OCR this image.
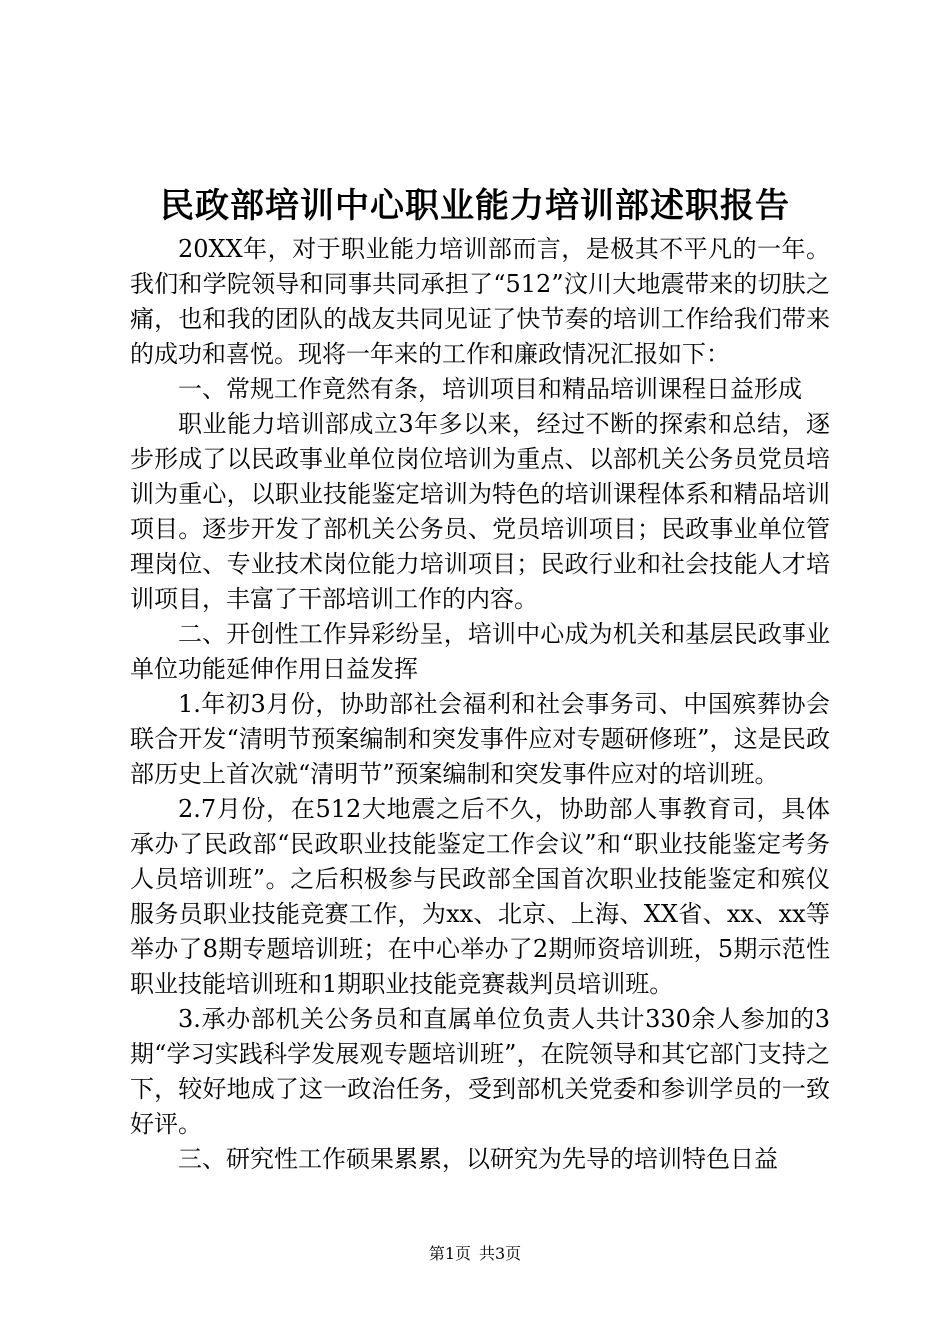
民政部培训中心职业能力培训部述职报告

20XX年，对于职业能力培训部而言，是极其不平凡的一年。我们和学院领导和同事共同承担了“512”汶川大地震带来的切肤之痛，也和我的团队的战友共同见证了快节奏的培训工作给我们带来的成功和喜悦。现将一年来的工作和廉政情况汇报如下：

一、常规工作竟然有条，培训项目和精品培训课程日益形成

职业能力培训部成立3年多以来，经过不断的探索和总结，逐步形成了以民政事业单位岗位培训为重点、以部机关公务员党员培训为重心，以职业技能鉴定培训为特色的培训课程体系和精品培训项目。逐步开发了部机关公务员、党员培训项目；民政事业单位管理岗位、专业技术岗位能力培训项目；民政行业和社会技能人才培训项目，丰富了干部培训工作的内容。

二、开创性工作异彩纷呈，培训中心成为机关和基层民政事业单位功能延伸作用日益发挥

1.年初3月份，协助部社会福利和社会事务司、中国殡葬协会联合开发“清明节预案编制和突发事件应对专题研修班”，这是民政部历史上首次就“清明节”预案编制和突发事件应对的培训班。

2.7月份，在512大地震之后不久，协助部人事教育司，具体承办了民政部“民政职业技能鉴定工作会议”和“职业技能鉴定考务人员培训班”。之后积极参与民政部全国首次职业技能鉴定和殡仪服务员职业技能竞赛工作，为xx、北京、上海、XX省、xx、xx等举办了8期专题培训班；在中心举办了2期师资培训班，5期示范性职业技能培训班和1期职业技能竞赛裁判员培训班。

3.承办部机关公务员和直属单位负责人共计330余人参加的3期“学习实践科学发展观专题培训班”，在院领导和其它部门支持之下，较好地成了这一政治任务，受到部机关党委和参训学员的一致好评。

三、研究性工作硕果累累，以研究为先导的培训特色日益

第1页 共3页
